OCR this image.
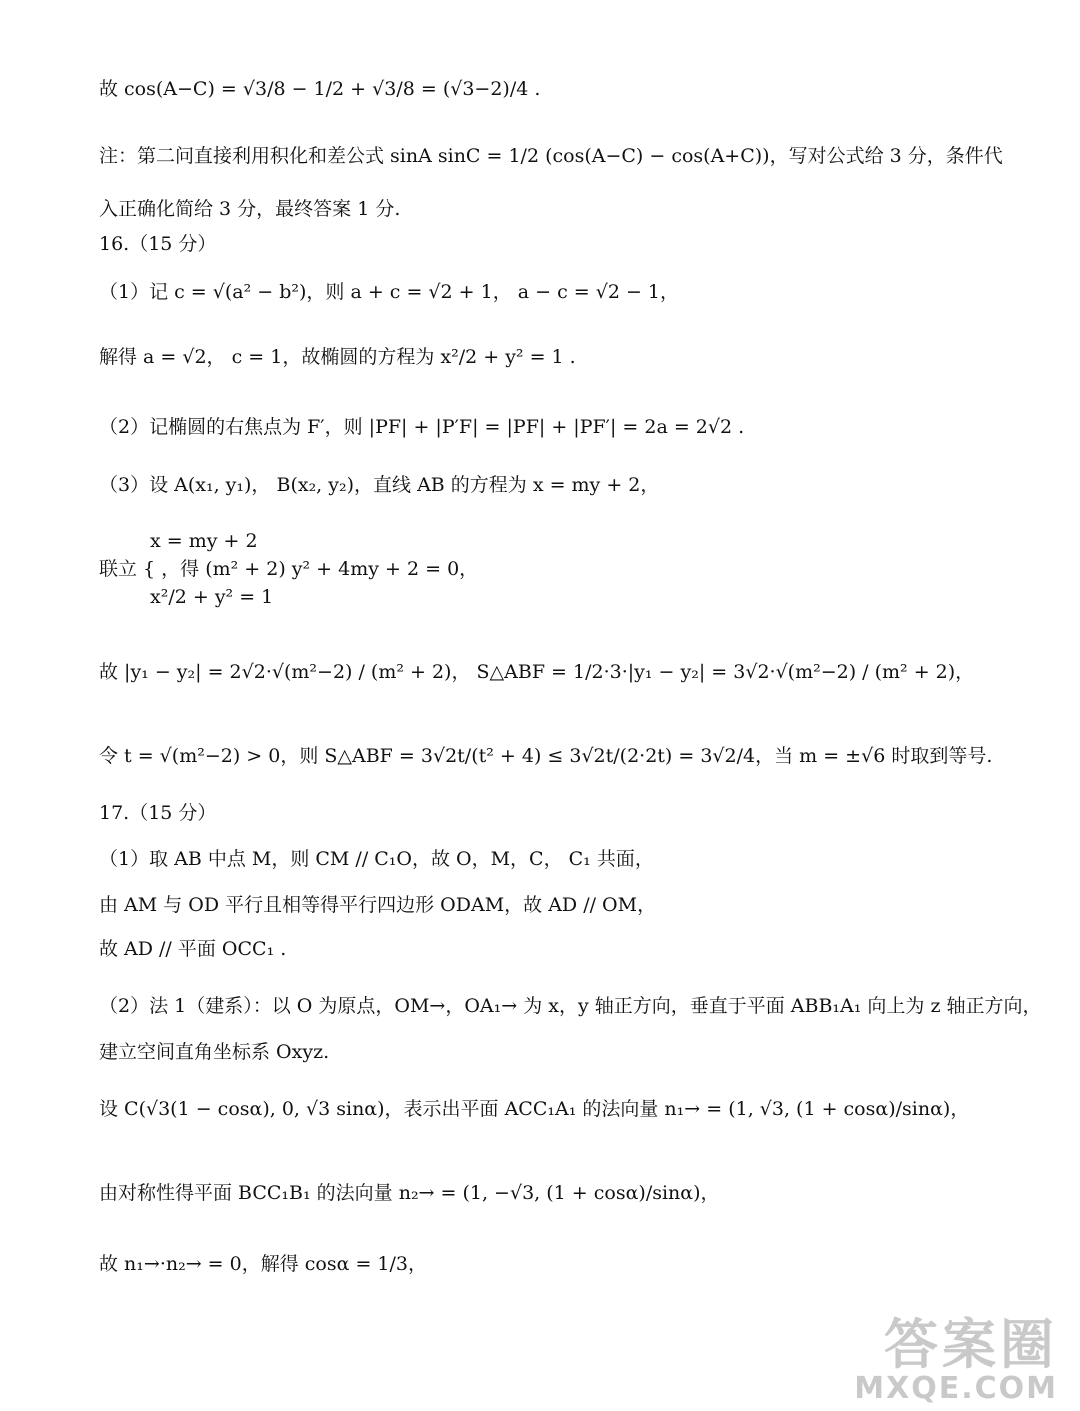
故 cos(A−C) = √3/8 − 1/2 + √3/8 = (√3−2)/4 .
注：第二问直接利用积化和差公式 sinA sinC = 1/2 (cos(A−C) − cos(A+C))，写对公式给 3 分，条件代
入正确化简给 3 分，最终答案 1 分.
16.（15 分）
（1）记 c = √(a² − b²)，则 a + c = √2 + 1， a − c = √2 − 1，
解得 a = √2， c = 1，故椭圆的方程为 x²/2 + y² = 1 .
（2）记椭圆的右焦点为 F′，则 |PF| + |P′F| = |PF| + |PF′| = 2a = 2√2 .
（3）设 A(x₁, y₁)， B(x₂, y₂)，直线 AB 的方程为 x = my + 2，
x = my + 2
联立 { ，得 (m² + 2) y² + 4my + 2 = 0，
x²/2 + y² = 1
故 |y₁ − y₂| = 2√2·√(m²−2) / (m² + 2)， S△ABF = 1/2·3·|y₁ − y₂| = 3√2·√(m²−2) / (m² + 2)，
令 t = √(m²−2) > 0，则 S△ABF = 3√2t/(t² + 4) ≤ 3√2t/(2·2t) = 3√2/4，当 m = ±√6 时取到等号.
17.（15 分）
（1）取 AB 中点 M，则 CM // C₁O，故 O，M，C， C₁ 共面，
由 AM 与 OD 平行且相等得平行四边形 ODAM，故 AD // OM，
故 AD // 平面 OCC₁ .
（2）法 1（建系）：以 O 为原点，OM→，OA₁→ 为 x，y 轴正方向，垂直于平面 ABB₁A₁ 向上为 z 轴正方向，
建立空间直角坐标系 Oxyz.
设 C(√3(1 − cosα), 0, √3 sinα)，表示出平面 ACC₁A₁ 的法向量 n₁→ = (1, √3, (1 + cosα)/sinα)，
由对称性得平面 BCC₁B₁ 的法向量 n₂→ = (1, −√3, (1 + cosα)/sinα)，
故 n₁→·n₂→ = 0，解得 cosα = 1/3，
答案圈
MXQE.COM
